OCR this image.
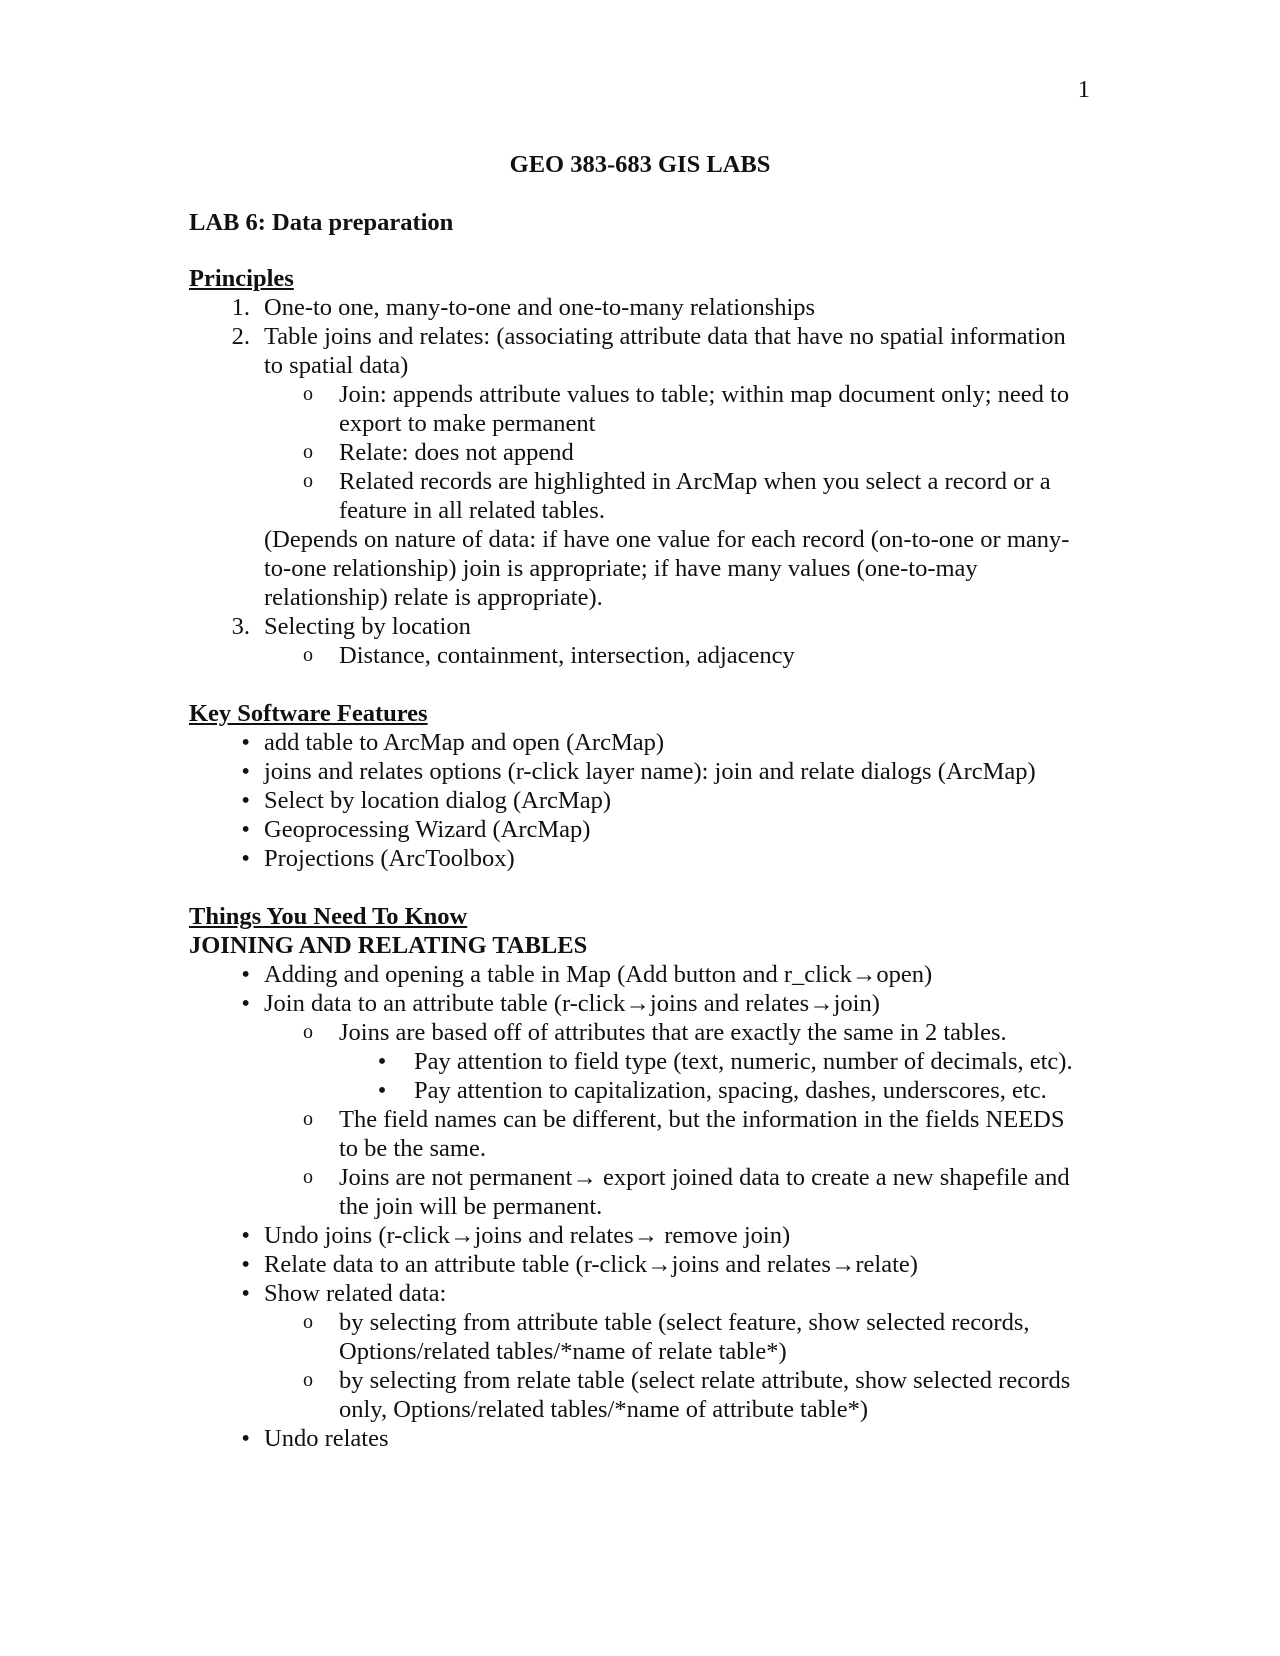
1
GEO 383-683 GIS LABS
LAB 6: Data preparation
Principles
1. One-to one, many-to-one and one-to-many relationships
2. Table joins and relates: (associating attribute data that have no spatial information
to spatial data)
o Join: appends attribute values to table; within map document only; need to
export to make permanent
o Relate: does not append
o Related records are highlighted in ArcMap when you select a record or a
feature in all related tables.
(Depends on nature of data: if have one value for each record (on-to-one or many-
to-one relationship) join is appropriate; if have many values (one-to-may
relationship) relate is appropriate).
3. Selecting by location
o Distance, containment, intersection, adjacency
Key Software Features
•
add table to ArcMap and open (ArcMap)
•
joins and relates options (r-click layer name): join and relate dialogs (ArcMap)
•
Select by location dialog (ArcMap)
•
Geoprocessing Wizard (ArcMap)
•
Projections (ArcToolbox)
Things You Need To Know
JOINING AND RELATING TABLES
•
Adding and opening a table in Map (Add button and r_click→open)
•
Join data to an attribute table (r-click→joins and relates→join)
o Joins are based off of attributes that are exactly the same in 2 tables.
•
Pay attention to field type (text, numeric, number of decimals, etc).
•
Pay attention to capitalization, spacing, dashes, underscores, etc.
o The field names can be different, but the information in the fields NEEDS
to be the same.
o Joins are not permanent→ export joined data to create a new shapefile and
the join will be permanent.
•
Undo joins (r-click→joins and relates→ remove join)
•
Relate data to an attribute table (r-click→joins and relates→relate)
•
Show related data:
o by selecting from attribute table (select feature, show selected records,
Options/related tables/*name of relate table*)
o by selecting from relate table (select relate attribute, show selected records
only, Options/related tables/*name of attribute table*)
•
Undo relates
